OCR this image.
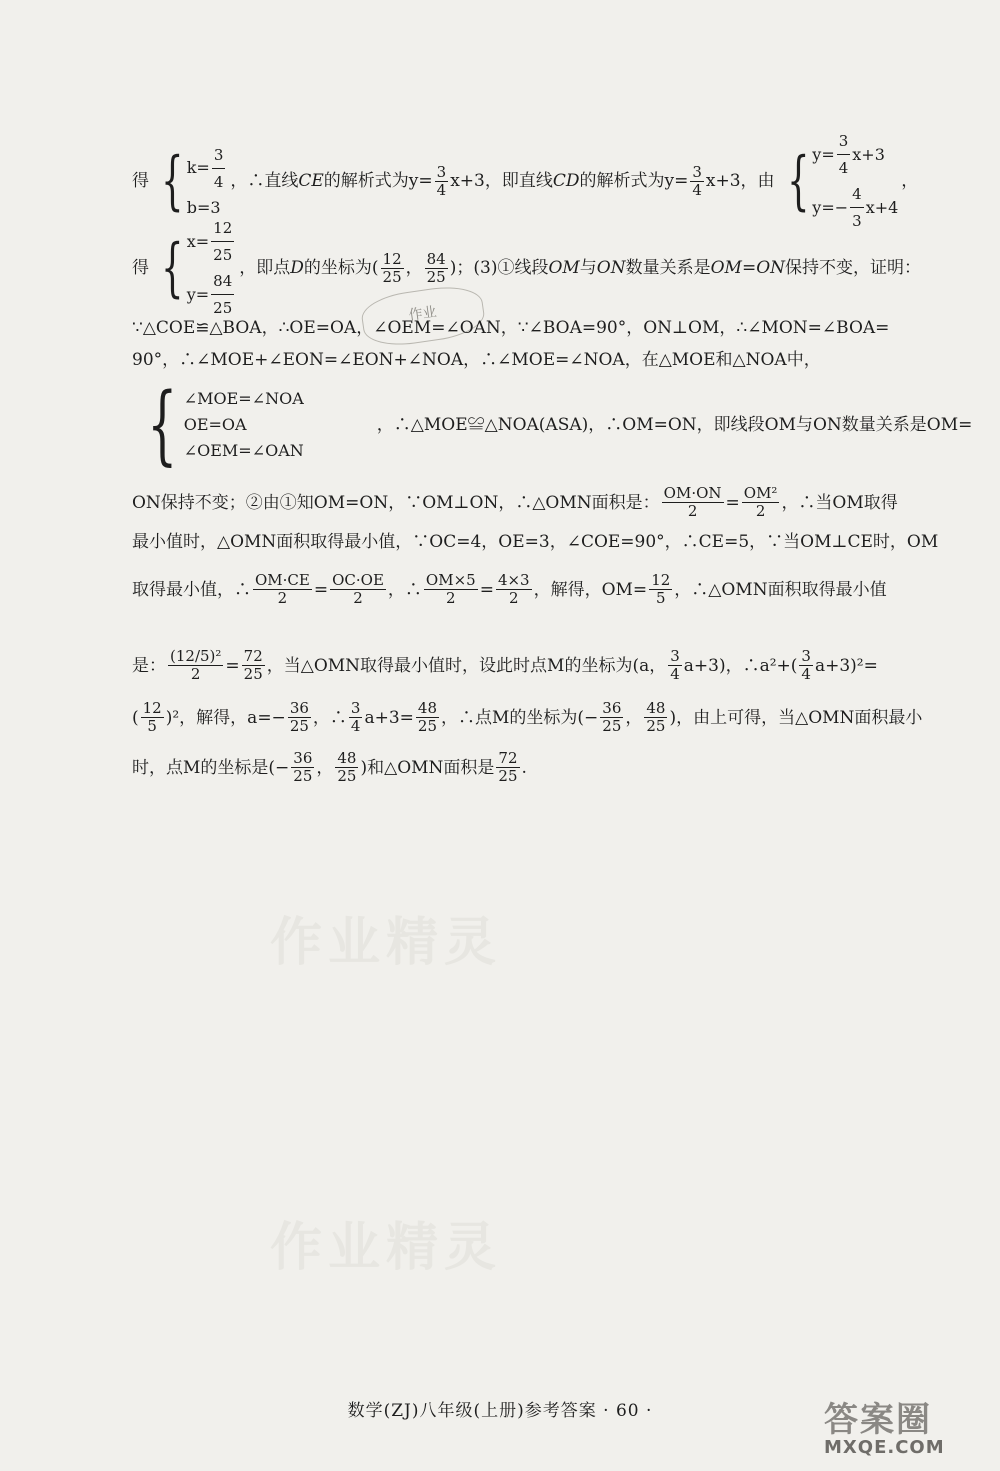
作业精灵
作业精灵
作业
得 { $k= \frac{3}{4}$
b=3
，∴直线 CE 的解析式为 $y= \frac{3}{4} x+3$，即直线 CD 的解析式为 $y= \frac{3}{4} x+3$，由 { $y= \frac{3}{4} x+3$
$y=- \frac{4}{3} x+4$
，
得 { $x= \frac{12}{25}$
$y= \frac{84}{25}$ ，即点 D 的坐标为( $\frac{12}{25}$ ， $\frac{84}{25}$ )；(3)①线段 OM 与 ON 数量关系是 OM=ON 保持不变，证明：
∵△COE≌△BOA，∴OE=OA，∠OEM=∠OAN，∵∠BOA=90°，ON⊥OM，∴∠MON=∠BOA=
90°，∴∠MOE+∠EON=∠EON+∠NOA，∴∠MOE=∠NOA，在△MOE和△NOA中，
{ ∠MOE=∠NOA
OE=OA
∠OEM=∠OAN
，∴△MOE≌△NOA(ASA)，∴OM=ON，即线段OM与ON数量关系是OM=
ON保持不变；②由①知OM=ON，∵OM⊥ON，∴△OMN面积是： $\frac{OM\cdot ON}{2} = \frac{\text{OM²}}{2}$ ，∴当OM取得
最小值时，△OMN面积取得最小值，∵OC=4，OE=3，∠COE=90°，∴CE=5，∵当OM⊥CE时，OM
取得最小值，∴ $\frac{OM\cdot CE}{2} = \frac{OC\cdot OE}{2}$ ，∴ $\frac{OM\times 5}{2} = \frac{4\times 3}{2}$ ，解得，$OM= \frac{12}{5}$ ，∴△OMN面积取得最小值
是： $\frac{\text{(12/5)²}}{2} = \frac{72}{25}$ ，当△OMN取得最小值时，设此时点M的坐标为(a， $\frac{3}{4} a+3$)，∴a²+( $\frac{3}{4} a+3)^2=$
( $\frac{12}{5} )^2$，解得，$a=- \frac{36}{25}$ ，∴ $\frac{3}{4} a+3= \frac{48}{25}$ ，∴点M的坐标为(− $\frac{36}{25}$ ， $\frac{48}{25}$ )，由上可得，当△OMN面积最小
时，点M的坐标是(− $\frac{36}{25}$ ， $\frac{48}{25}$ )和△OMN面积是 $\frac{72}{25}$ .
数学(ZJ)八年级(上册)参考答案 · 60 ·	答案圈
MXQE.COM
